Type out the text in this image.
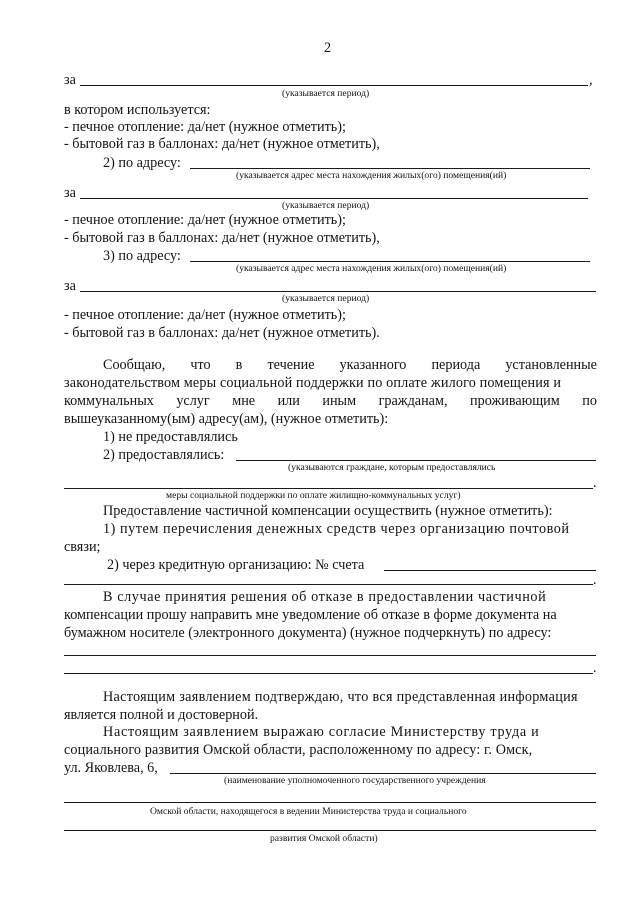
2
за	,
(указывается период)
в котором используется:
- печное отопление: да/нет (нужное отметить);
- бытовой газ в баллонах: да/нет (нужное отметить),
2) по адресу:
(указывается адрес места нахождения жилых(ого) помещения(ий)
за
(указывается период)
- печное отопление: да/нет (нужное отметить);
- бытовой газ в баллонах: да/нет (нужное отметить),
3) по адресу:
(указывается адрес места нахождения жилых(ого) помещения(ий)
за
(указывается период)
- печное отопление: да/нет (нужное отметить);
- бытовой газ в баллонах: да/нет (нужное отметить).
Сообщаю, что в течение указанного периода установленные
законодательством меры социальной поддержки по оплате жилого помещения и
коммунальных услуг мне или иным гражданам, проживающим по
вышеуказанному(ым) адресу(ам), (нужное отметить):
1) не предоставлялись
2) предоставлялись:
(указываются граждане, которым предоставлялись
.
меры социальной поддержки по оплате жилищно-коммунальных услуг)
Предоставление частичной компенсации осуществить (нужное отметить):
1) путем перечисления денежных средств через организацию почтовой
связи;
2) через кредитную организацию: № счета
.
В случае принятия решения об отказе в предоставлении частичной
компенсации прошу направить мне уведомление об отказе в форме документа на
бумажном носителе (электронного документа) (нужное подчеркнуть) по адресу:
.
Настоящим заявлением подтверждаю, что вся представленная информация
является полной и достоверной.
Настоящим заявлением выражаю согласие Министерству труда и
социального развития Омской области, расположенному по адресу: г. Омск,
ул. Яковлева, 6,
(наименование уполномоченного государственного учреждения
Омской области, находящегося в ведении Министерства труда и социального
развития Омской области)
